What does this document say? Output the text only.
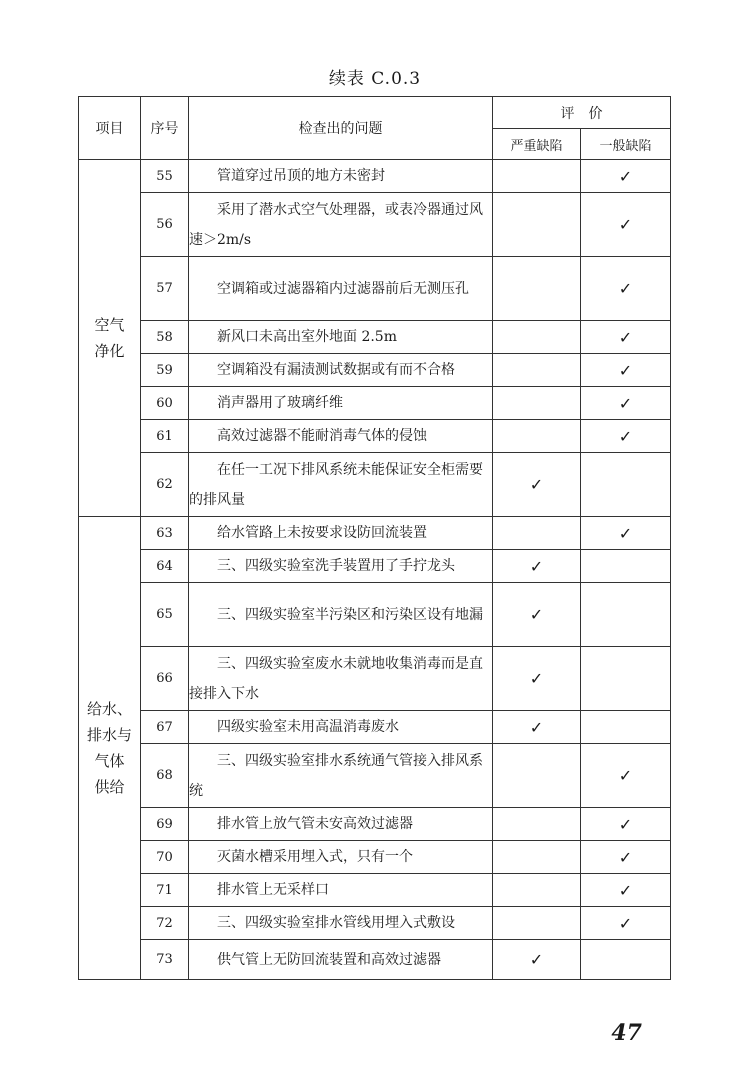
续表 C.0.3
项目	序号	检查出的问题	评　价	
			严重缺陷	一般缺陷

空气
净化	55	管道穿过吊顶的地方未密封		✓
	56	采用了潜水式空气处理器，或表冷器通过风速＞2m/s		✓
	57	空调箱或过滤器箱内过滤器前后无测压孔		✓
	58	新风口未高出室外地面 2.5m		✓
	59	空调箱没有漏渍测试数据或有而不合格		✓
	60	消声器用了玻璃纤维		✓
	61	高效过滤器不能耐消毒气体的侵蚀		✓
	62	在任一工况下排风系统未能保证安全柜需要的排风量	✓	

给水、
排水与
气体
供给	63	给水管路上未按要求设防回流装置		✓
	64	三、四级实验室洗手装置用了手拧龙头	✓	
	65	三、四级实验室半污染区和污染区设有地漏	✓	
	66	三、四级实验室废水未就地收集消毒而是直接排入下水	✓	
	67	四级实验室未用高温消毒废水	✓	
	68	三、四级实验室排水系统通气管接入排风系统		✓
	69	排水管上放气管未安高效过滤器		✓
	70	灭菌水槽采用埋入式，只有一个		✓
	71	排水管上无采样口		✓
	72	三、四级实验室排水管线用埋入式敷设		✓
	73	供气管上无防回流装置和高效过滤器	✓	
47
